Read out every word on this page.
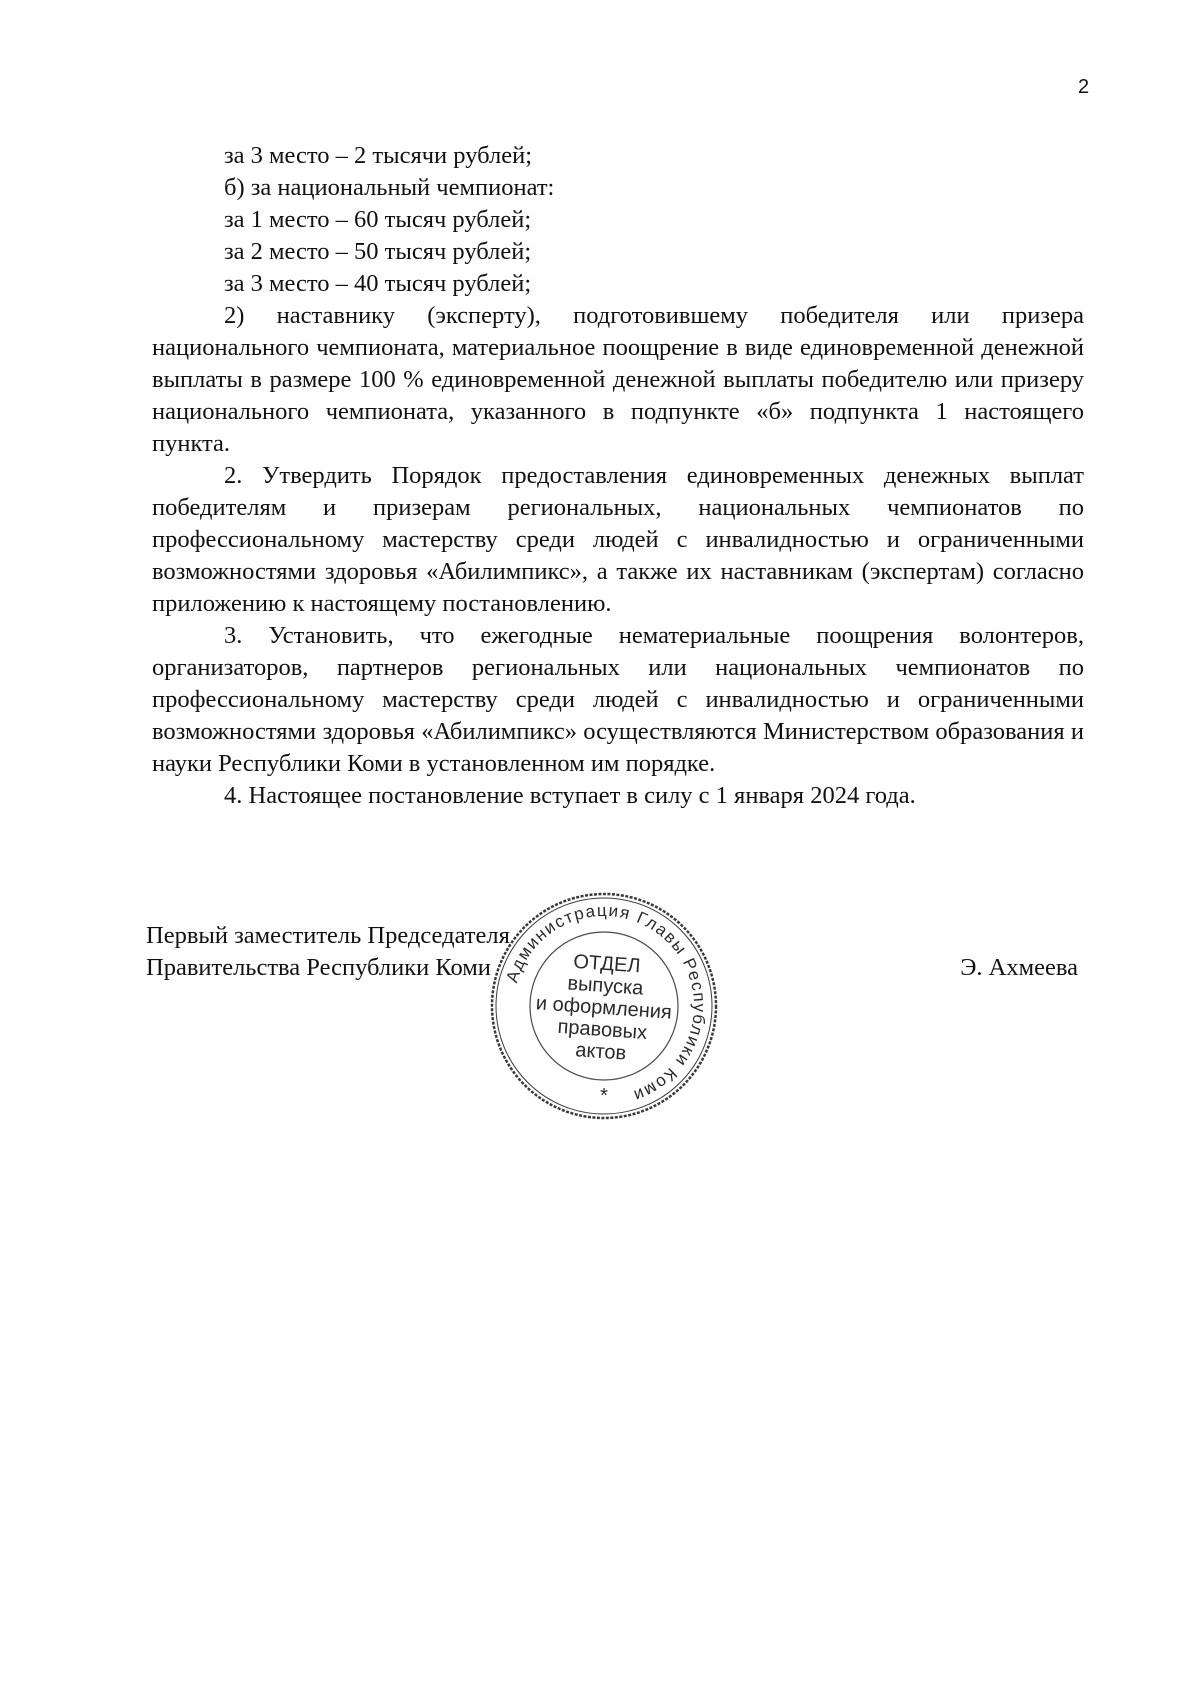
2
за 3 место – 2 тысячи рублей;
б) за национальный чемпионат:
за 1 место – 60 тысяч рублей;
за 2 место – 50 тысяч рублей;
за 3 место – 40 тысяч рублей;

2) наставнику (эксперту), подготовившему победителя или призера национального чемпионата, материальное поощрение в виде единовременной денежной выплаты в размере 100 % единовременной денежной выплаты победителю или призеру национального чемпионата, указанного в подпункте «б» подпункта 1 настоящего пункта.

2. Утвердить Порядок предоставления единовременных денежных выплат победителям и призерам региональных, национальных чемпионатов по профессиональному мастерству среди людей с инвалидностью и ограниченными возможностями здоровья «Абилимпикс», а также их наставникам (экспертам) согласно приложению к настоящему постановлению.

3. Установить, что ежегодные нематериальные поощрения волонтеров, организаторов, партнеров региональных или национальных чемпионатов по профессиональному мастерству среди людей с инвалидностью и ограниченными возможностями здоровья «Абилимпикс» осуществляются Министерством образования и науки Республики Коми в установленном им порядке.

4. Настоящее постановление вступает в силу с 1 января 2024 года.

Первый заместитель Председателя
Правительства Республики Коми	Э. Ахмеева
Администрация Главы Республики Коми
ОТДЕЛ
выпуска
и оформления
правовых
актов
*
